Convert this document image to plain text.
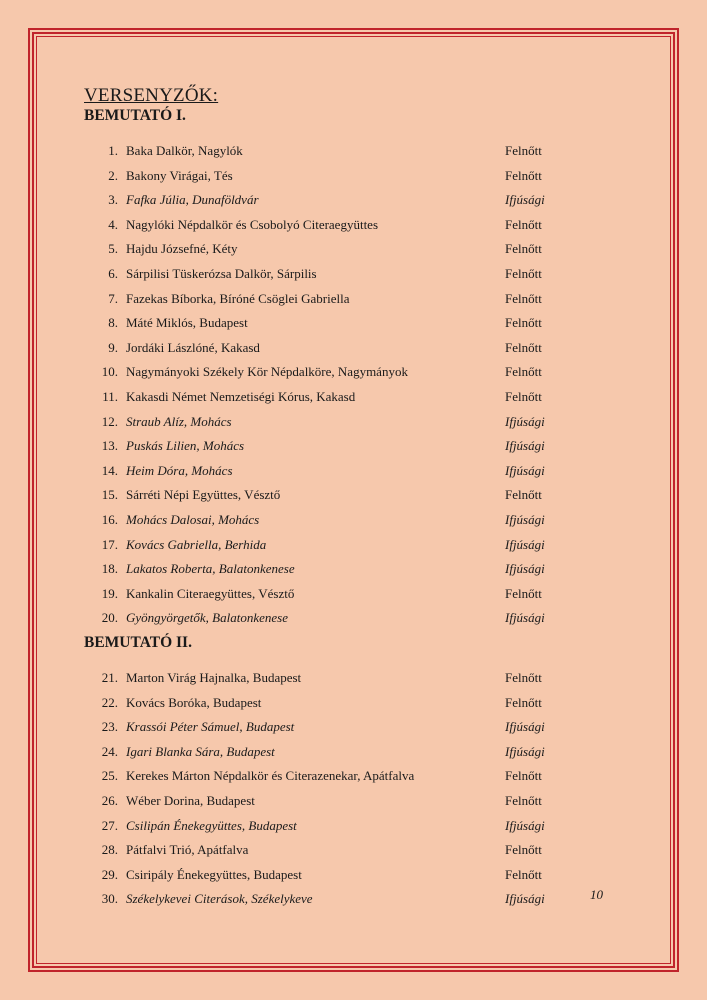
VERSENYZŐK:
BEMUTATÓ I.
1. Baka Dalkör, Nagylók	Felnőtt
2. Bakony Virágai, Tés	Felnőtt
3. Fafka Júlia, Dunaföldvár	Ifjúsági
4. Nagylóki Népdalkör és Csobolyó Citeraegyüttes	Felnőtt
5. Hajdu Józsefné, Kéty	Felnőtt
6. Sárpilisi Tüskerózsa Dalkör, Sárpilis	Felnőtt
7. Fazekas Bíborka, Bíróné Csöglei Gabriella	Felnőtt
8. Máté Miklós, Budapest	Felnőtt
9. Jordáki Lászlóné, Kakasd	Felnőtt
10. Nagymányoki Székely Kör Népdalköre, Nagymányok	Felnőtt
11. Kakasdi Német Nemzetiségi Kórus, Kakasd	Felnőtt
12. Straub Alíz, Mohács	Ifjúsági
13. Puskás Lilien, Mohács	Ifjúsági
14. Heim Dóra, Mohács	Ifjúsági
15. Sárréti Népi Együttes, Vésztő	Felnőtt
16. Mohács Dalosai, Mohács	Ifjúsági
17. Kovács Gabriella, Berhida	Ifjúsági
18. Lakatos Roberta, Balatonkenese	Ifjúsági
19. Kankalin Citeraegyüttes, Vésztő	Felnőtt
20. Gyöngyörgetők, Balatonkenese	Ifjúsági
BEMUTATÓ II.
21. Marton Virág Hajnalka, Budapest	Felnőtt
22. Kovács Boróka, Budapest	Felnőtt
23. Krassói Péter Sámuel, Budapest	Ifjúsági
24. Igari Blanka Sára, Budapest	Ifjúsági
25. Kerekes Márton Népdalkör és Citerazenekar, Apátfalva	Felnőtt
26. Wéber Dorina, Budapest	Felnőtt
27. Csilipán Énekegyüttes, Budapest	Ifjúsági
28. Pátfalvi Trió, Apátfalva	Felnőtt
29. Csiripály Énekegyüttes, Budapest	Felnőtt
30. Székelykevei Citerások, Székelykeve	Ifjúsági	10
